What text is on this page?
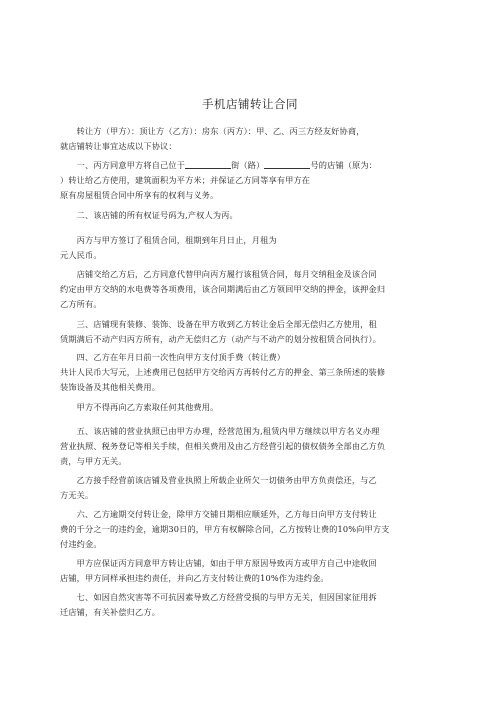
手机店铺转让合同

　　转让方（甲方）：顶让方（乙方）：房东（丙方）：甲、乙、丙三方经友好协商，
就店铺转让事宜达成以下协议：

　　一、丙方同意甲方将自己位于	街（路）	号的店铺（原为：
）转让给乙方使用，建筑面积为平方米；并保证乙方同等享有甲方在
原有房屋租赁合同中所享有的权利与义务。

　　二、该店铺的所有权证号码为,产权人为丙。

　　丙方与甲方签订了租赁合同，租期到年月日止，月租为
元人民币。

　　店铺交给乙方后，乙方同意代替甲向丙方履行该租赁合同，每月交纳租金及该合同
约定由甲方交纳的水电费等各项费用，该合同期满后由乙方领回甲交纳的押金，该押金归
乙方所有。

　　三、店铺现有装修、装饰、设备在甲方收到乙方转让金后全部无偿归乙方使用，租
赁期满后不动产归丙方所有，动产无偿归乙方（动产与不动产的划分按租赁合同执行）。

　　四、乙方在年月日前一次性向甲方支付顶手费（转让费）
共计人民币大写元，上述费用已包括甲方交给丙方再转付乙方的押金、第三条所述的装修
装饰设备及其他相关费用。

　　甲方不得再向乙方索取任何其他费用。

　　五、该店铺的营业执照已由甲方办理，经营范围为,租赁内甲方继续以甲方名义办理
营业执照、税务登记等相关手续，但相关费用及由乙方经营引起的债权债务全部由乙方负
责，与甲方无关。

　　乙方接手经营前该店铺及营业执照上所载企业所欠一切债务由甲方负责偿还，与乙
方无关。

　　六、乙方逾期交付转让金，除甲方交铺日期相应顺延外，乙方每日向甲方支付转让
费的千分之一的违约金，逾期30日的，甲方有权解除合同，乙方按转让费的10%向甲方支
付违约金。

　　甲方应保证丙方同意甲方转让店铺，如由于甲方原因导致丙方或甲方自己中途收回
店铺，甲方同样承担违约责任，并向乙方支付转让费的10%作为违约金。

　　七、如因自然灾害等不可抗因素导致乙方经营受损的与甲方无关，但因国家征用拆
迁店铺，有关补偿归乙方。
